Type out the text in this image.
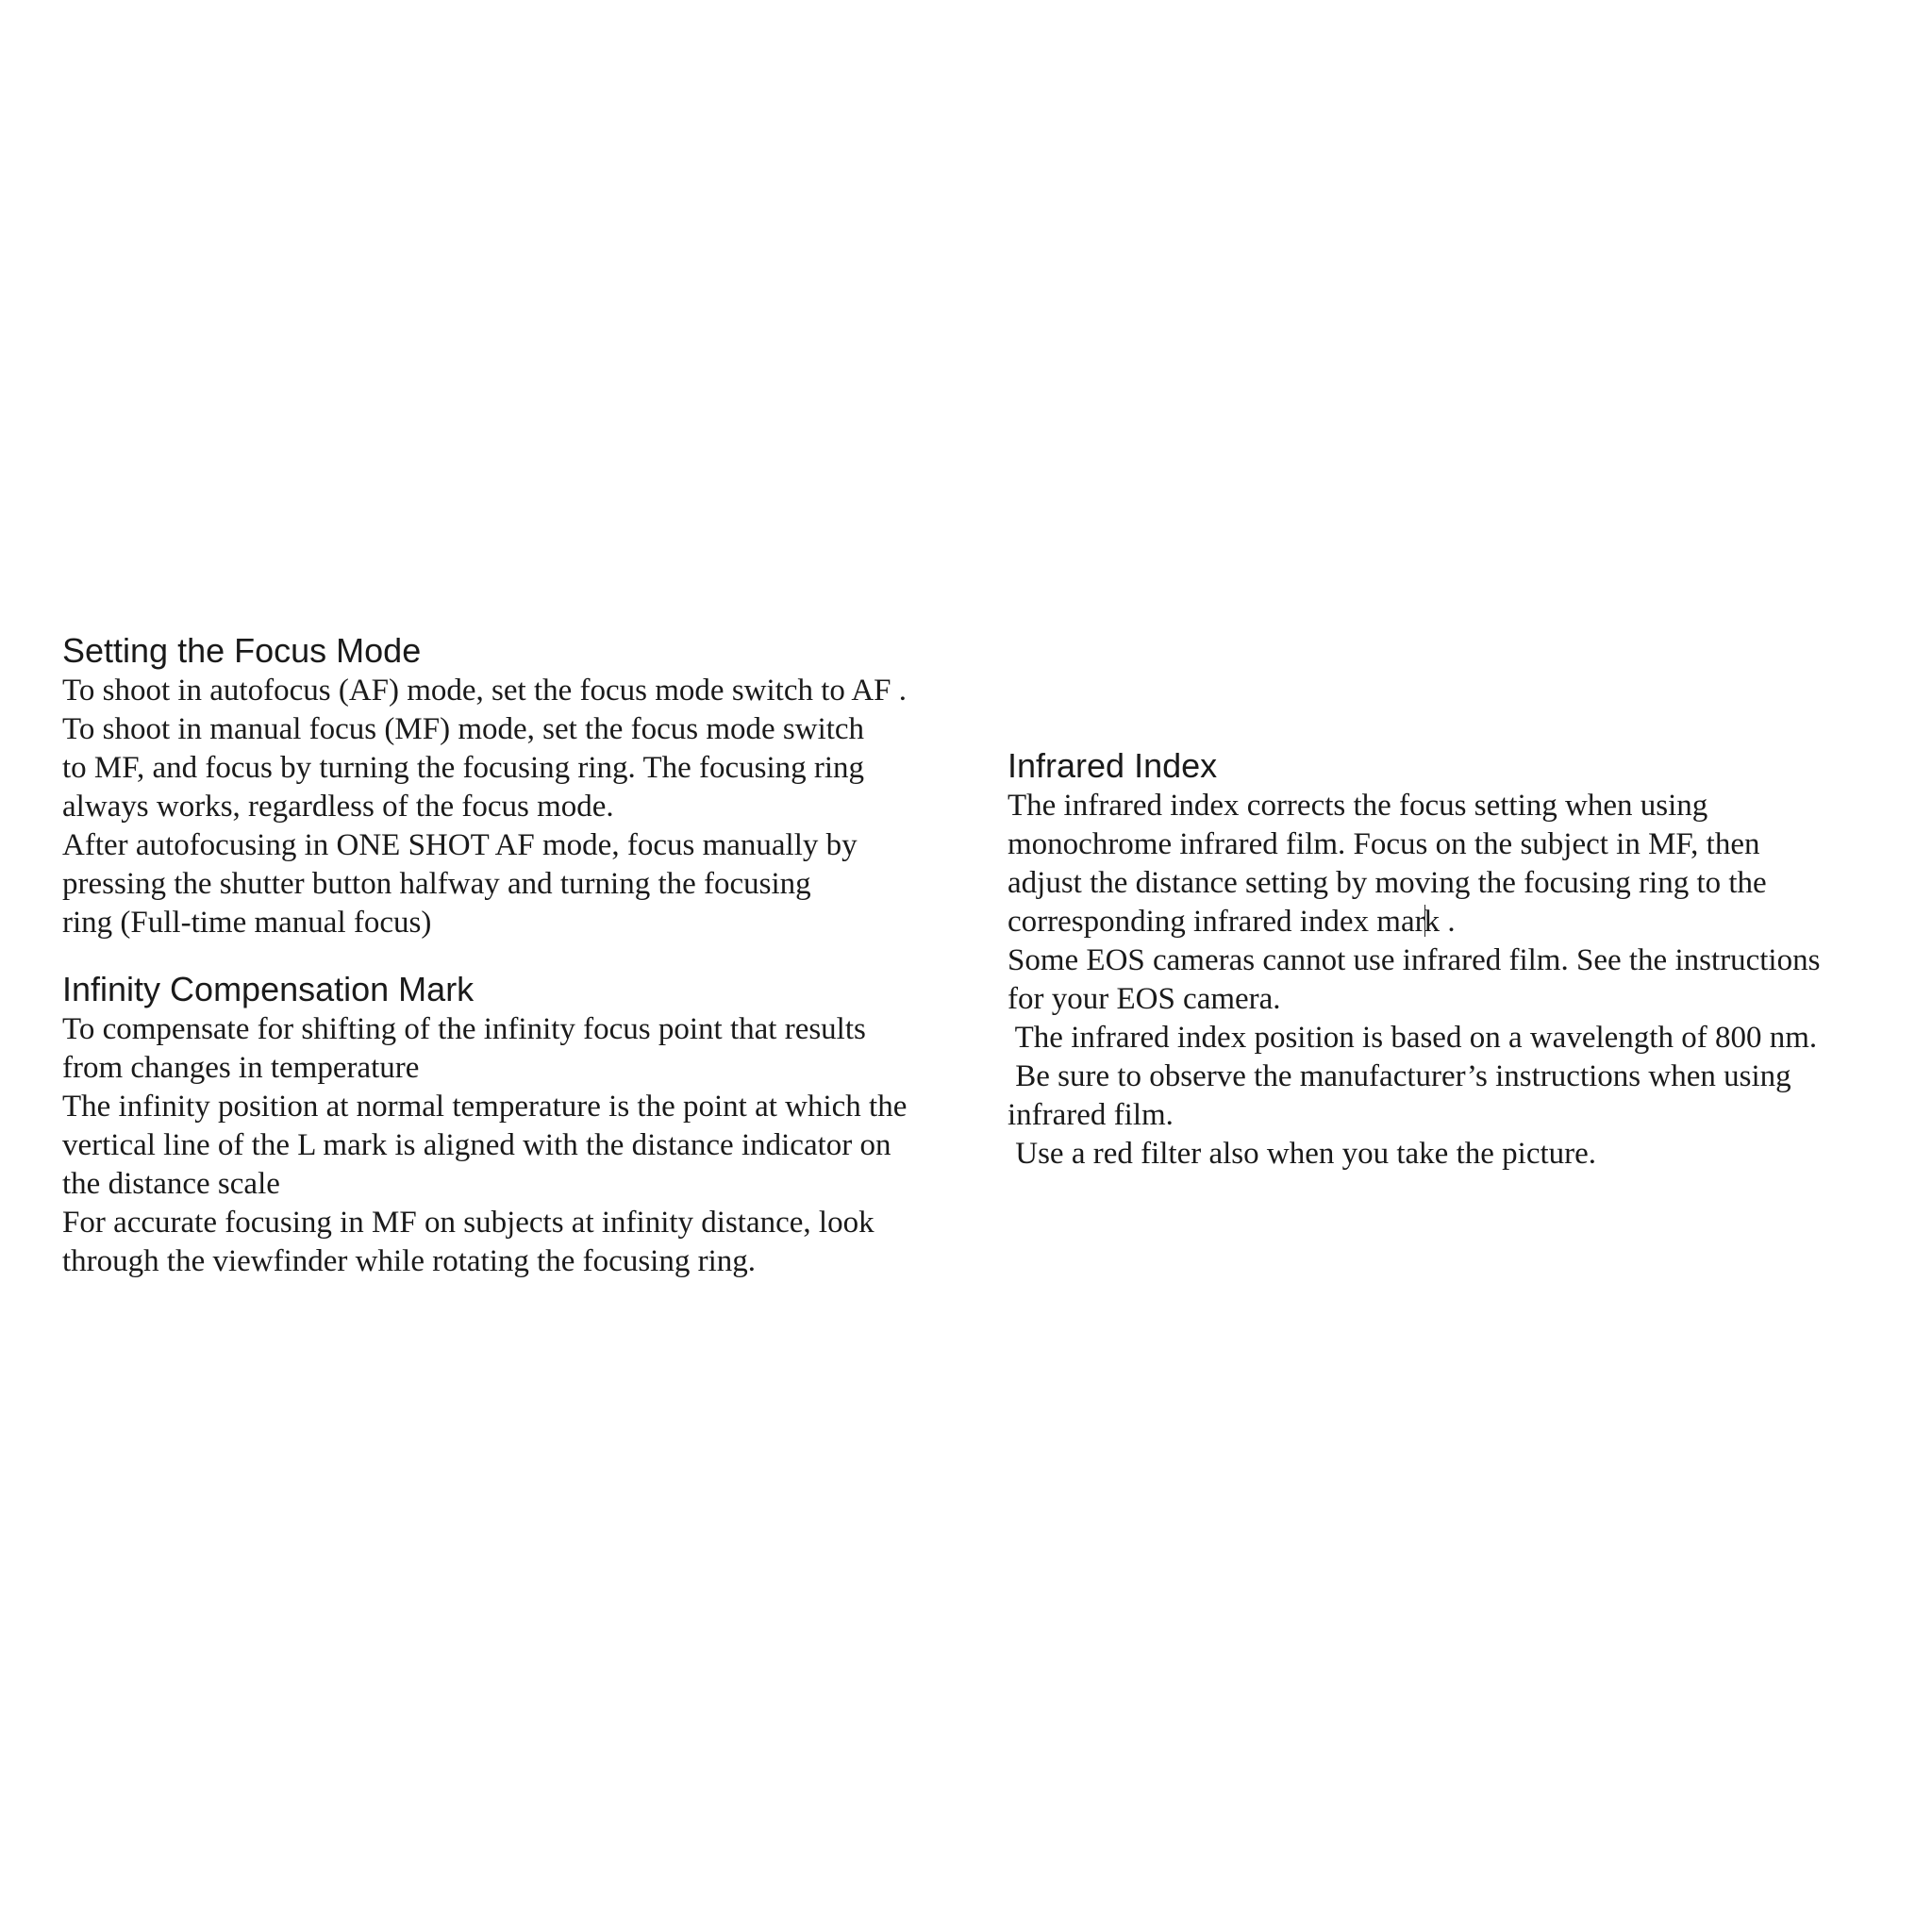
Setting the Focus Mode

To shoot in autofocus (AF) mode, set the focus mode switch to AF .

To shoot in manual focus (MF) mode, set the focus mode switch

to MF, and focus by turning the focusing ring. The focusing ring

always works, regardless of the focus mode.

After autofocusing in ONE SHOT AF mode, focus manually by

pressing the shutter button halfway and turning the focusing

ring (Full-time manual focus)

Infinity Compensation Mark

To compensate for shifting of the infinity focus point that results

from changes in temperature

The infinity position at normal temperature is the point at which the

vertical line of the L mark is aligned with the distance indicator on

the distance scale

For accurate focusing in MF on subjects at infinity distance, look

through the viewfinder while rotating the focusing ring.

Infrared Index

The infrared index corrects the focus setting when using

monochrome infrared film. Focus on the subject in MF, then

adjust the distance setting by moving the focusing ring to the

corresponding infrared index mark .

Some EOS cameras cannot use infrared film. See the instructions

for your EOS camera.

The infrared index position is based on a wavelength of 800 nm.

Be sure to observe the manufacturer’s instructions when using

infrared film.

Use a red filter also when you take the picture.
